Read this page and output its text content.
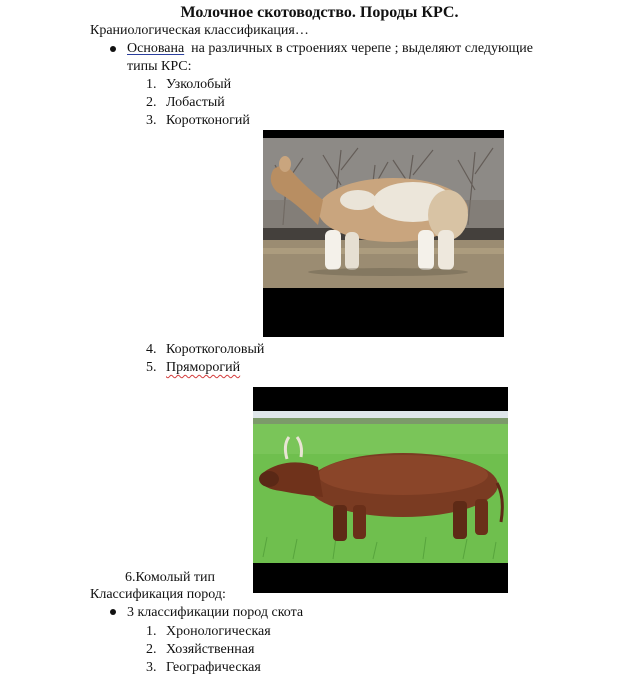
Молочное скотоводство. Породы КРС.
Краниологическая классификация…
Основана  на различных в строениях черепе ; выделяют следующие
типы КРС:
1. Узколобый
2. Лобастый
3. Коротконогий
4. Короткоголовый
5. Пряморогий
6.Комолый тип
Классификация пород:
3 классификации пород скота
1. Хронологическая
2. Хозяйственная
3. Географическая
